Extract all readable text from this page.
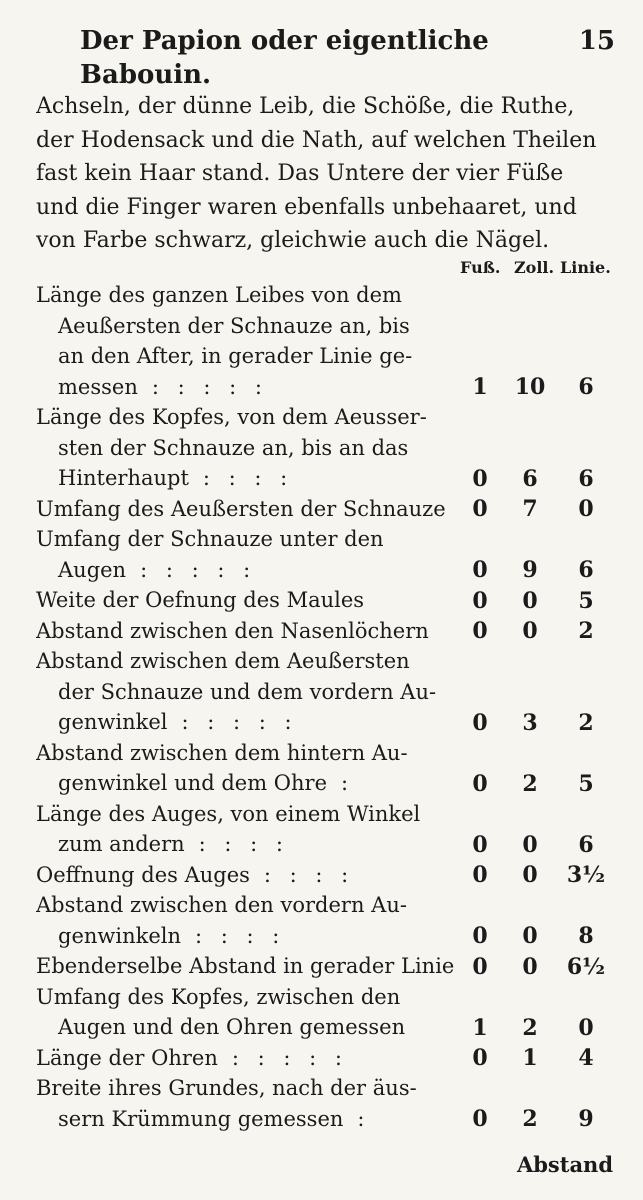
Der Papion oder eigentliche Babouin.
15
Achseln, der dünne Leib, die Schöße, die Ruthe,
der Hodensack und die Nath, auf welchen Theilen
fast kein Haar stand. Das Untere der vier Füße
und die Finger waren ebenfalls unbehaaret, und
von Farbe schwarz, gleichwie auch die Nägel.
Fuß. Zoll. Linie.
Länge des ganzen Leibes von dem
Aeußersten der Schnauze an, bis
an den After, in gerader Linie ge-
messen : : : : :	1	10	6
Länge des Kopfes, von dem Aeusser-
sten der Schnauze an, bis an das
Hinterhaupt : : : :	0	6	6
Umfang des Aeußersten der Schnauze	0	7	0
Umfang der Schnauze unter den
Augen : : : : :	0	9	6
Weite der Oefnung des Maules	0	0	5
Abstand zwischen den Nasenlöchern	0	0	2
Abstand zwischen dem Aeußersten
der Schnauze und dem vordern Au-
genwinkel : : : : :	0	3	2
Abstand zwischen dem hintern Au-
genwinkel und dem Ohre :	0	2	5
Länge des Auges, von einem Winkel
zum andern : : : :	0	0	6
Oeffnung des Auges : : : :	0	0	3½
Abstand zwischen den vordern Au-
genwinkeln : : : :	0	0	8
Ebenderselbe Abstand in gerader Linie 0	0	6½
Umfang des Kopfes, zwischen den
Augen und den Ohren gemessen	1	2	0
Länge der Ohren : : : : :	0	1	4
Breite ihres Grundes, nach der äus-
sern Krümmung gemessen :	0	2	9
Abstand
